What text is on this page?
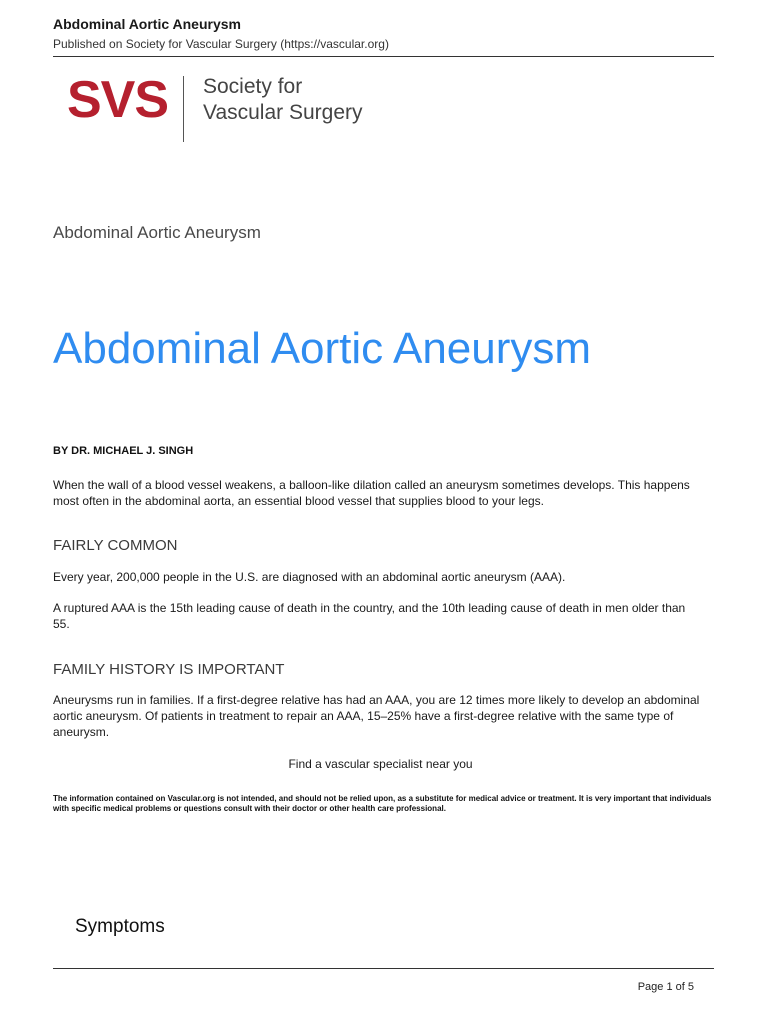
Abdominal Aortic Aneurysm
Published on Society for Vascular Surgery (https://vascular.org)
SVS Society for
Vascular Surgery
Abdominal Aortic Aneurysm
Abdominal Aortic Aneurysm
BY DR. MICHAEL J. SINGH
When the wall of a blood vessel weakens, a balloon-like dilation called an aneurysm sometimes develops. This happens most often in the abdominal aorta, an essential blood vessel that supplies blood to your legs.
FAIRLY COMMON
Every year, 200,000 people in the U.S. are diagnosed with an abdominal aortic aneurysm (AAA).
A ruptured AAA is the 15th leading cause of death in the country, and the 10th leading cause of death in men older than 55.
FAMILY HISTORY IS IMPORTANT
Aneurysms run in families. If a first-degree relative has had an AAA, you are 12 times more likely to develop an abdominal aortic aneurysm. Of patients in treatment to repair an AAA, 15–25% have a first-degree relative with the same type of aneurysm.
Find a vascular specialist near you
The information contained on Vascular.org is not intended, and should not be relied upon, as a substitute for medical advice or treatment. It is very important that individuals with specific medical problems or questions consult with their doctor or other health care professional.
Symptoms
Page 1 of 5
